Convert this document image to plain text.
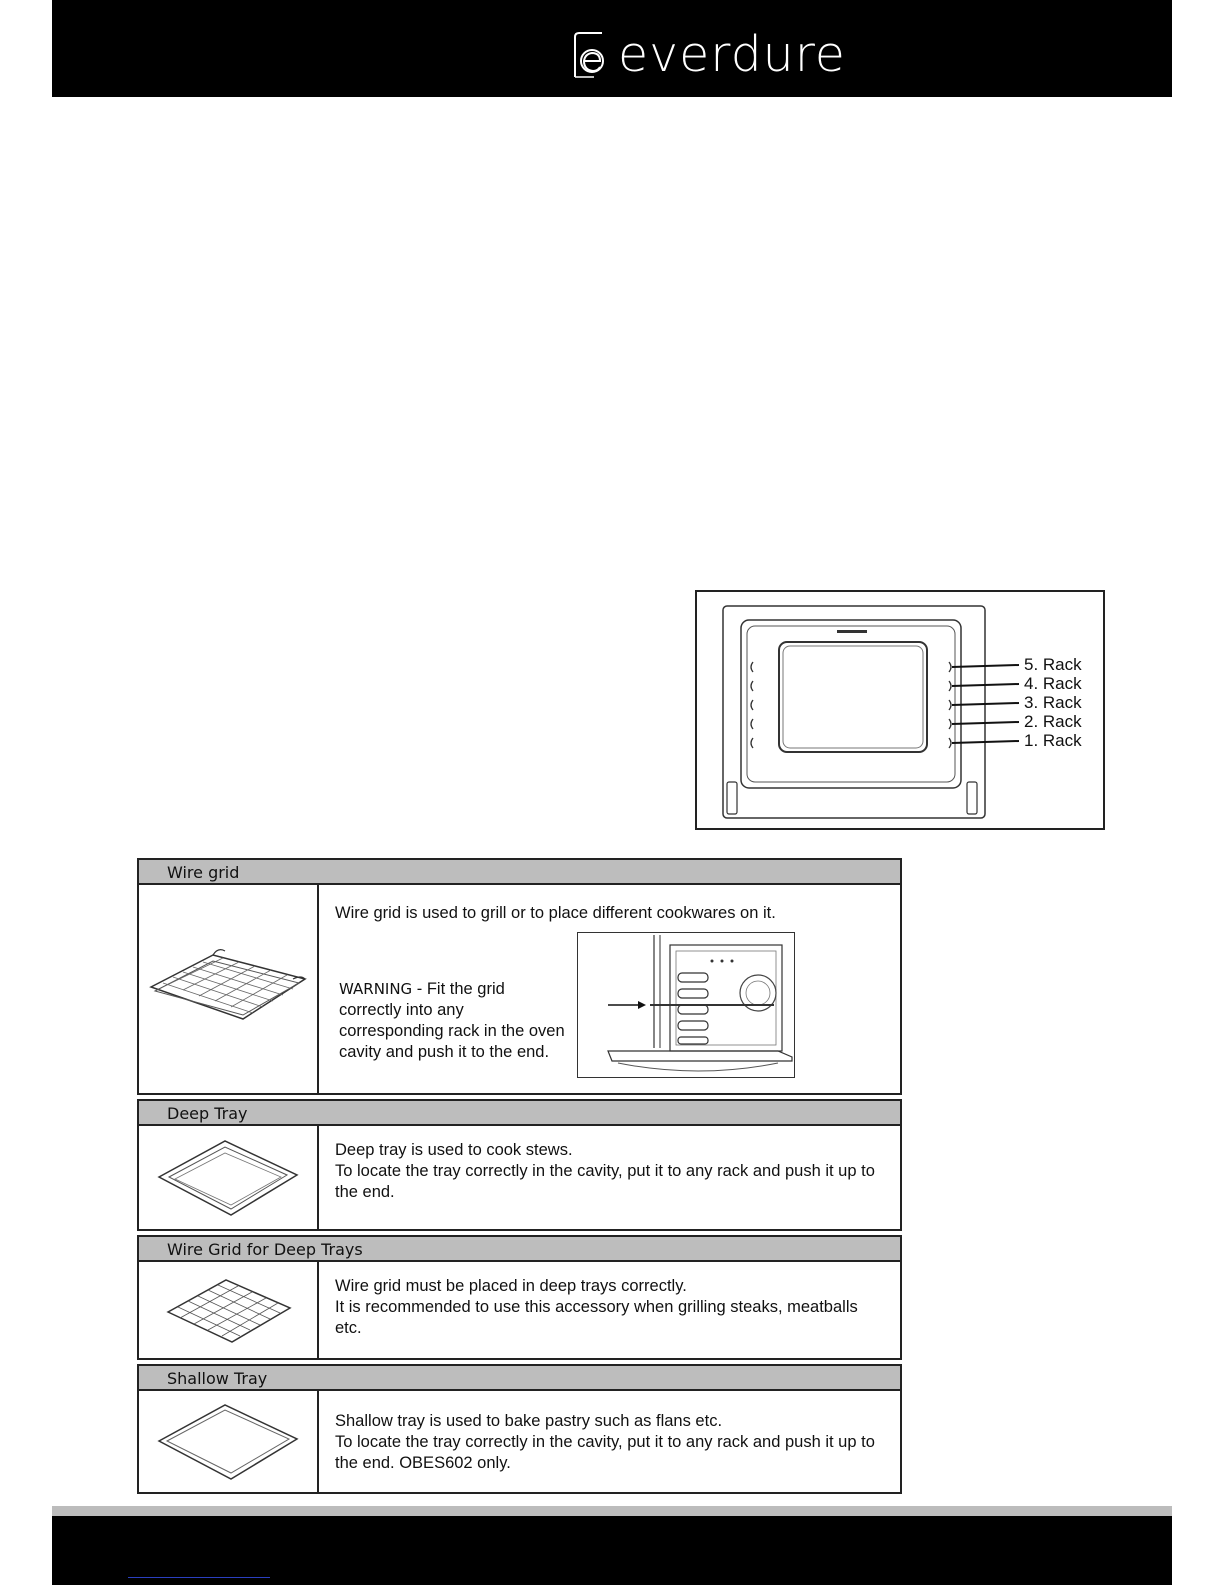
everdure
5. Rack
4. Rack
3. Rack
2. Rack
1. Rack
Wire grid

Wire grid is used to grill or to place different cookwares on it.

WARNING - Fit the grid correctly into any corresponding rack in the oven cavity and push it to the end.
Deep Tray

Deep tray is used to cook stews.

To locate the tray correctly in the cavity, put it to any rack and push it up to the end.

Wire Grid for Deep Trays

Wire grid must be placed in deep trays correctly.

It is recommended to use this accessory when grilling steaks, meatballs etc.

Shallow Tray

Shallow tray is used to bake pastry such as flans etc.

To locate the tray correctly in the cavity, put it to any rack and push it up to the end. OBES602 only.
